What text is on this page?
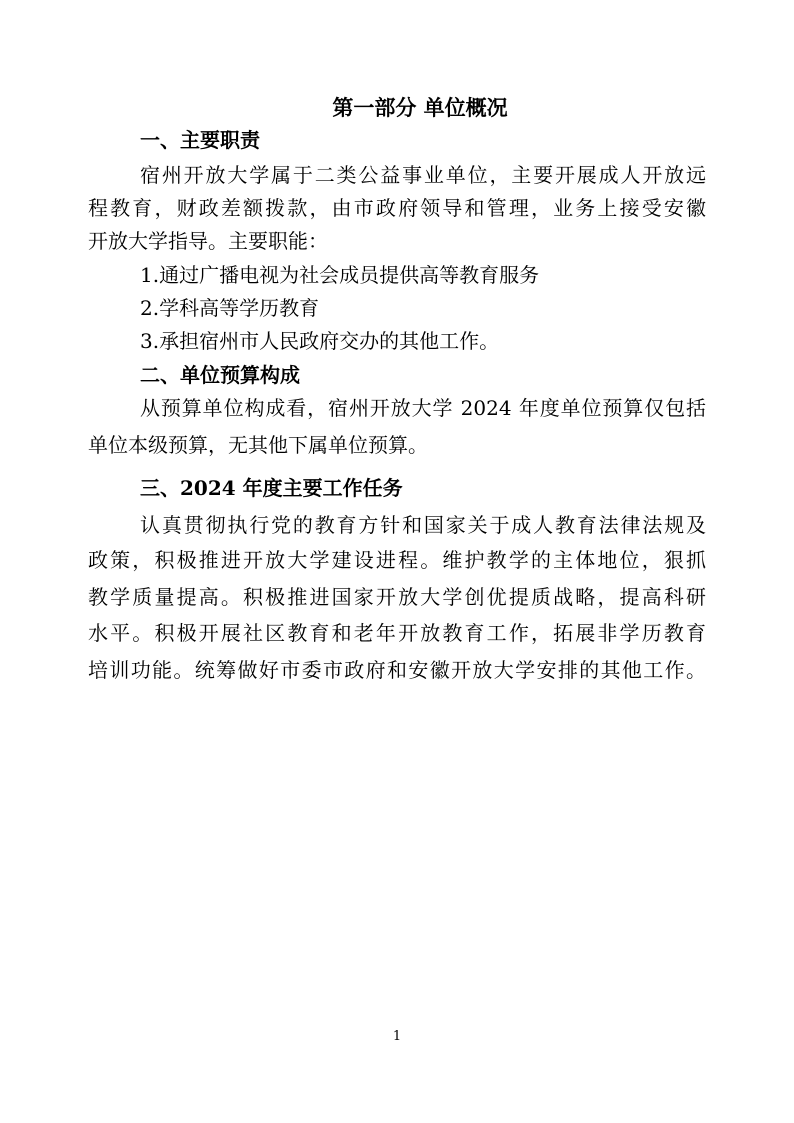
第一部分 单位概况
一、主要职责
宿州开放大学属于二类公益事业单位，主要开展成人开放远
程教育，财政差额拨款，由市政府领导和管理，业务上接受安徽
开放大学指导。主要职能：
1.通过广播电视为社会成员提供高等教育服务
2.学科高等学历教育
3.承担宿州市人民政府交办的其他工作。
二、单位预算构成
从预算单位构成看，宿州开放大学 2024 年度单位预算仅包括
单位本级预算，无其他下属单位预算。
三、2024 年度主要工作任务
认真贯彻执行党的教育方针和国家关于成人教育法律法规及
政策，积极推进开放大学建设进程。维护教学的主体地位，狠抓
教学质量提高。积极推进国家开放大学创优提质战略，提高科研
水平。积极开展社区教育和老年开放教育工作，拓展非学历教育
培训功能。统筹做好市委市政府和安徽开放大学安排的其他工作。
1
